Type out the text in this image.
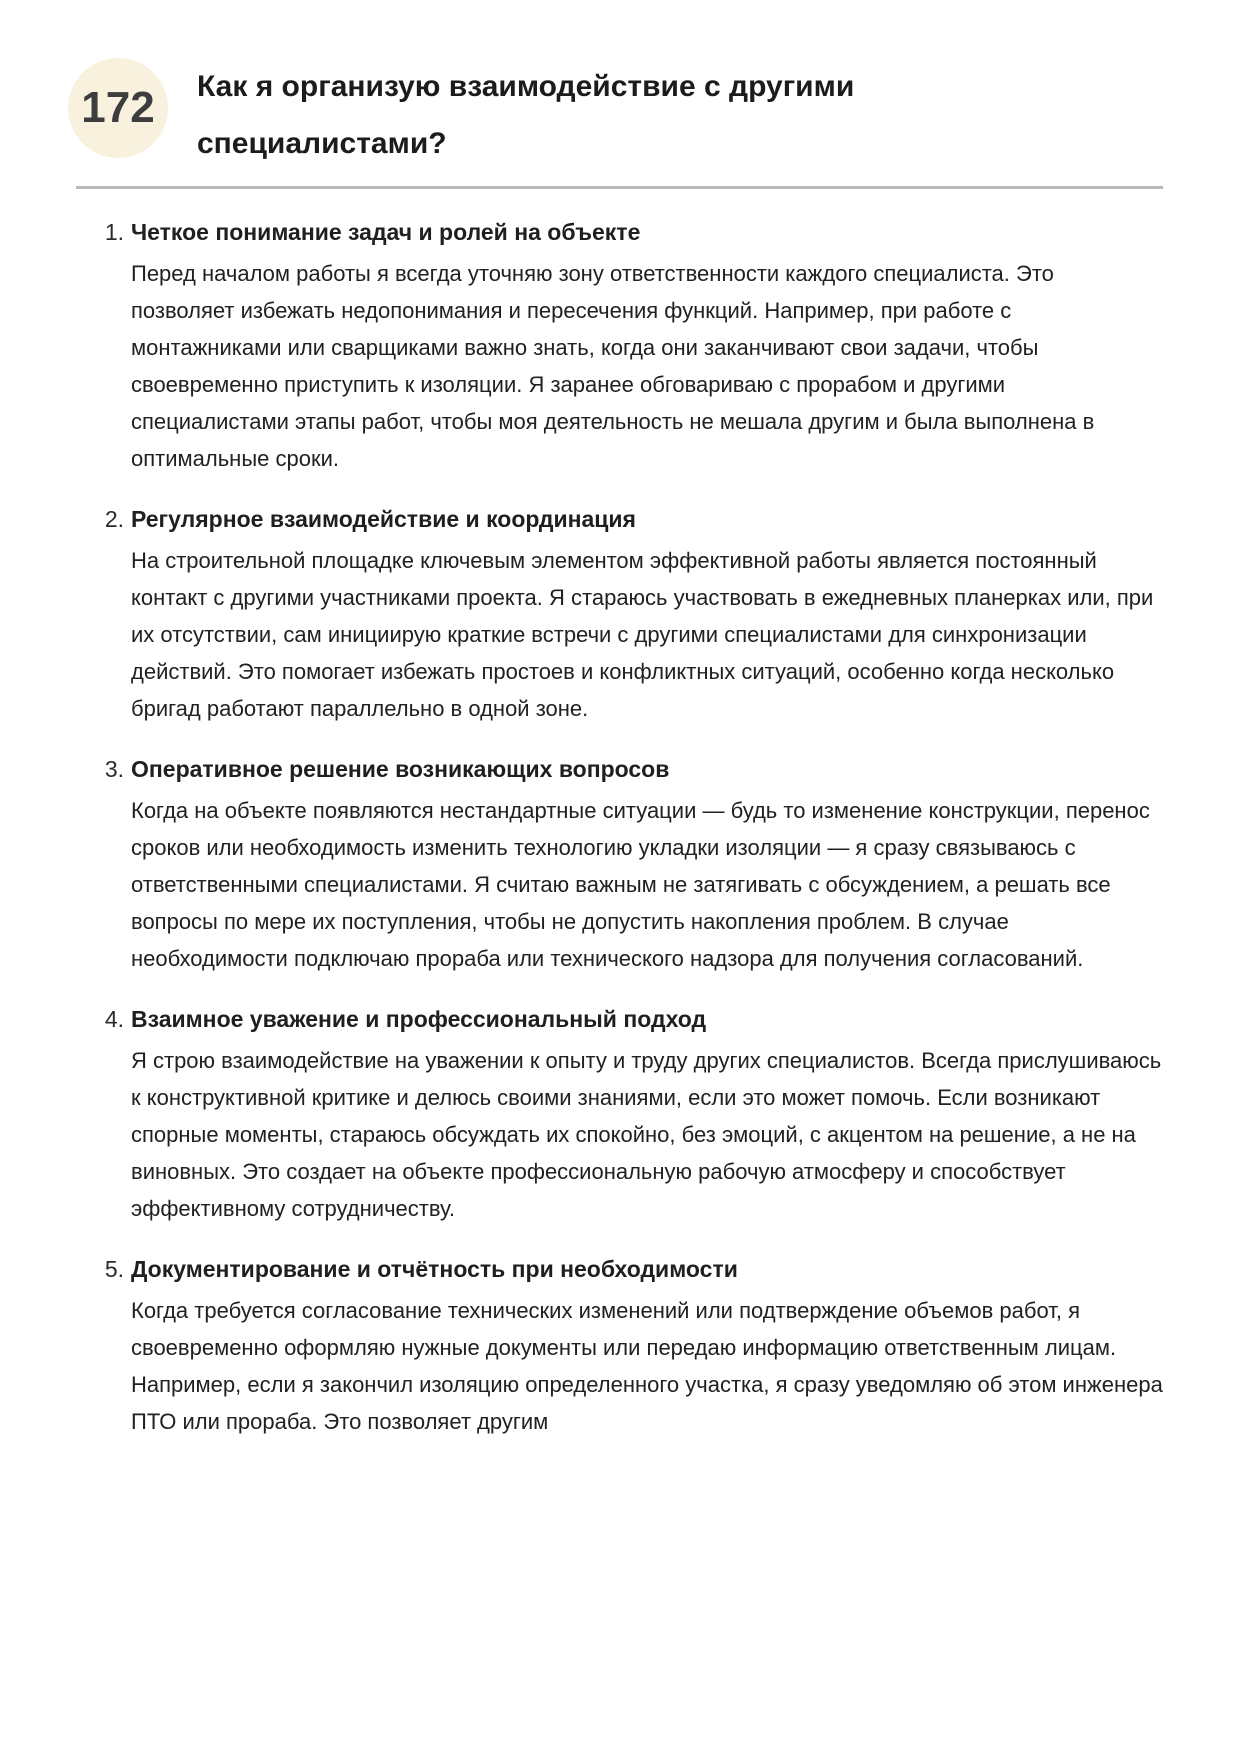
172 Как я организую взаимодействие с другими специалистами?
1. Четкое понимание задач и ролей на объекте
Перед началом работы я всегда уточняю зону ответственности каждого специалиста. Это позволяет избежать недопонимания и пересечения функций. Например, при работе с монтажниками или сварщиками важно знать, когда они заканчивают свои задачи, чтобы своевременно приступить к изоляции. Я заранее обговариваю с прорабом и другими специалистами этапы работ, чтобы моя деятельность не мешала другим и была выполнена в оптимальные сроки.
2. Регулярное взаимодействие и координация
На строительной площадке ключевым элементом эффективной работы является постоянный контакт с другими участниками проекта. Я стараюсь участвовать в ежедневных планерках или, при их отсутствии, сам инициирую краткие встречи с другими специалистами для синхронизации действий. Это помогает избежать простоев и конфликтных ситуаций, особенно когда несколько бригад работают параллельно в одной зоне.
3. Оперативное решение возникающих вопросов
Когда на объекте появляются нестандартные ситуации — будь то изменение конструкции, перенос сроков или необходимость изменить технологию укладки изоляции — я сразу связываюсь с ответственными специалистами. Я считаю важным не затягивать с обсуждением, а решать все вопросы по мере их поступления, чтобы не допустить накопления проблем. В случае необходимости подключаю прораба или технического надзора для получения согласований.
4. Взаимное уважение и профессиональный подход
Я строю взаимодействие на уважении к опыту и труду других специалистов. Всегда прислушиваюсь к конструктивной критике и делюсь своими знаниями, если это может помочь. Если возникают спорные моменты, стараюсь обсуждать их спокойно, без эмоций, с акцентом на решение, а не на виновных. Это создает на объекте профессиональную рабочую атмосферу и способствует эффективному сотрудничеству.
5. Документирование и отчётность при необходимости
Когда требуется согласование технических изменений или подтверждение объемов работ, я своевременно оформляю нужные документы или передаю информацию ответственным лицам. Например, если я закончил изоляцию определенного участка, я сразу уведомляю об этом инженера ПТО или прораба. Это позволяет другим
